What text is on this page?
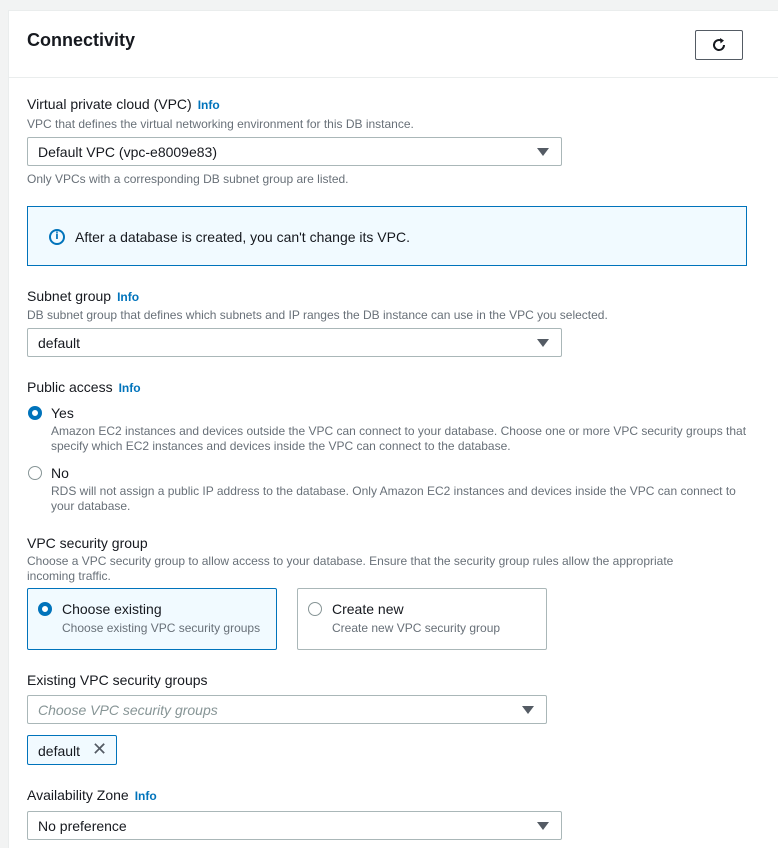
Connectivity
Virtual private cloud (VPC) Info
VPC that defines the virtual networking environment for this DB instance.
Default VPC (vpc-e8009e83)
Only VPCs with a corresponding DB subnet group are listed.
i	After a database is created, you can't change its VPC.
Subnet group Info
DB subnet group that defines which subnets and IP ranges the DB instance can use in the VPC you selected.
default
Public access Info
Yes
Amazon EC2 instances and devices outside the VPC can connect to your database. Choose one or more VPC security groups that specify which EC2 instances and devices inside the VPC can connect to the database.
No
RDS will not assign a public IP address to the database. Only Amazon EC2 instances and devices inside the VPC can connect to your database.
VPC security group
Choose a VPC security group to allow access to your database. Ensure that the security group rules allow the appropriate incoming traffic.
Choose existing
Choose existing VPC security groups
Create new
Create new VPC security group
Existing VPC security groups
Choose VPC security groups
default ✕
Availability Zone Info
No preference
